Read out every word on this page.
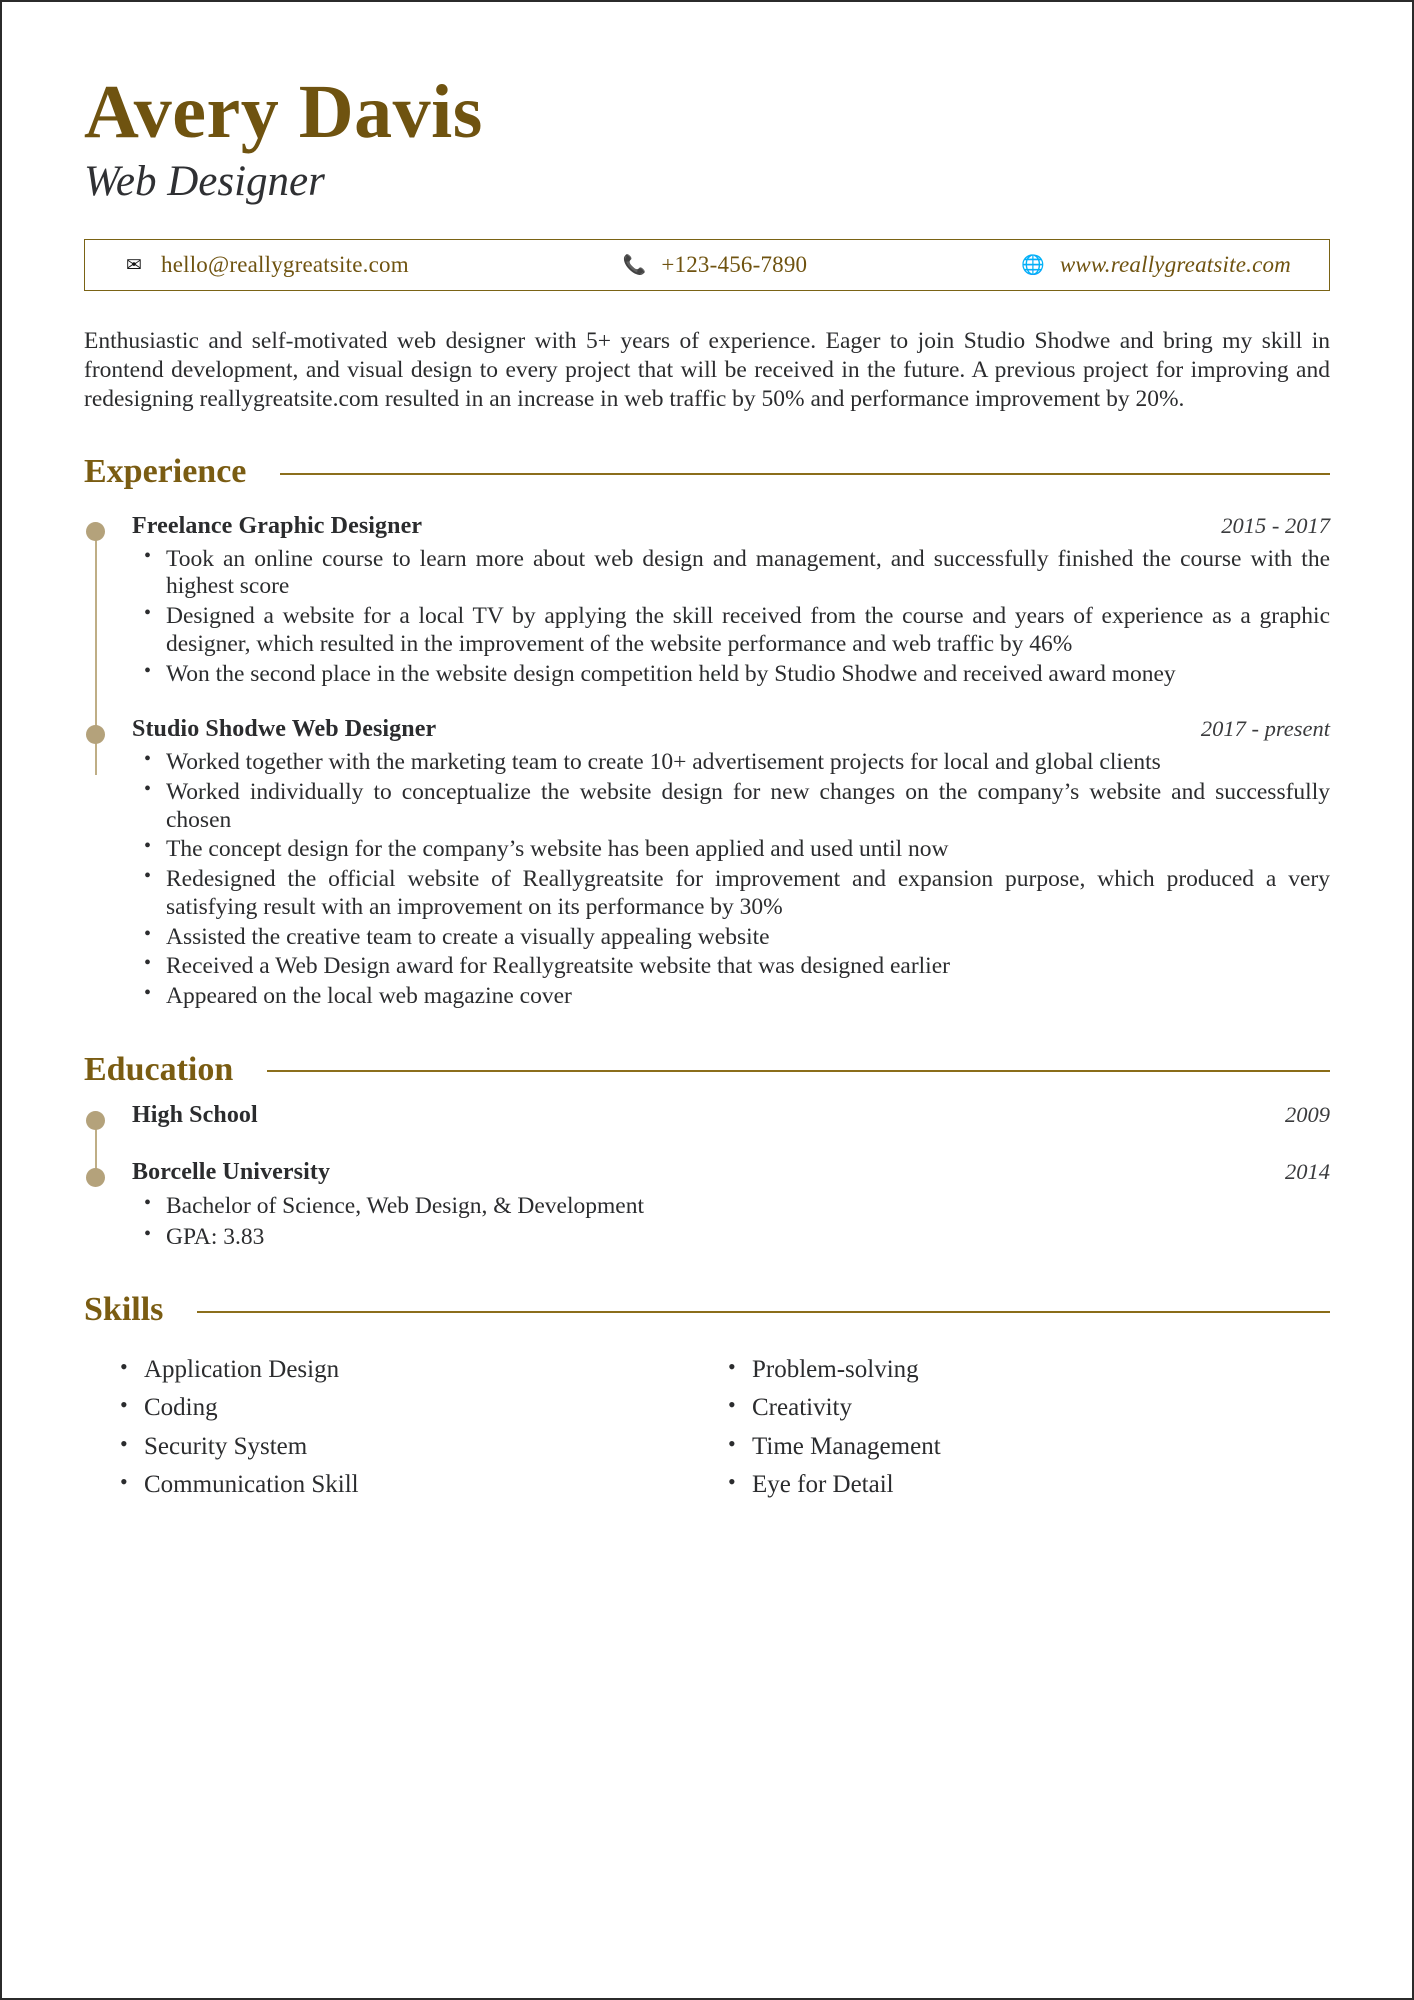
Avery Davis
Web Designer
✉ hello@reallygreatsite.com	📞 +123-456-7890	🌐 www.reallygreatsite.com
Enthusiastic and self-motivated web designer with 5+ years of experience. Eager to join Studio Shodwe and bring my skill in frontend development, and visual design to every project that will be received in the future. A previous project for improving and redesigning reallygreatsite.com resulted in an increase in web traffic by 50% and performance improvement by 20%.
Experience
Freelance Graphic Designer	2015 - 2017
• Took an online course to learn more about web design and management, and successfully finished the course with the highest score
• Designed a website for a local TV by applying the skill received from the course and years of experience as a graphic designer, which resulted in the improvement of the website performance and web traffic by 46%
• Won the second place in the website design competition held by Studio Shodwe and received award money
Studio Shodwe Web Designer	2017 - present
• Worked together with the marketing team to create 10+ advertisement projects for local and global clients
• Worked individually to conceptualize the website design for new changes on the company’s website and successfully chosen
• The concept design for the company’s website has been applied and used until now
• Redesigned the official website of Reallygreatsite for improvement and expansion purpose, which produced a very satisfying result with an improvement on its performance by 30%
• Assisted the creative team to create a visually appealing website
• Received a Web Design award for Reallygreatsite website that was designed earlier
• Appeared on the local web magazine cover
Education
High School	2009
Borcelle University	2014
• Bachelor of Science, Web Design, & Development
• GPA: 3.83
Skills
• Application Design
• Coding
• Security System
• Communication Skill
• Problem-solving
• Creativity
• Time Management
• Eye for Detail
